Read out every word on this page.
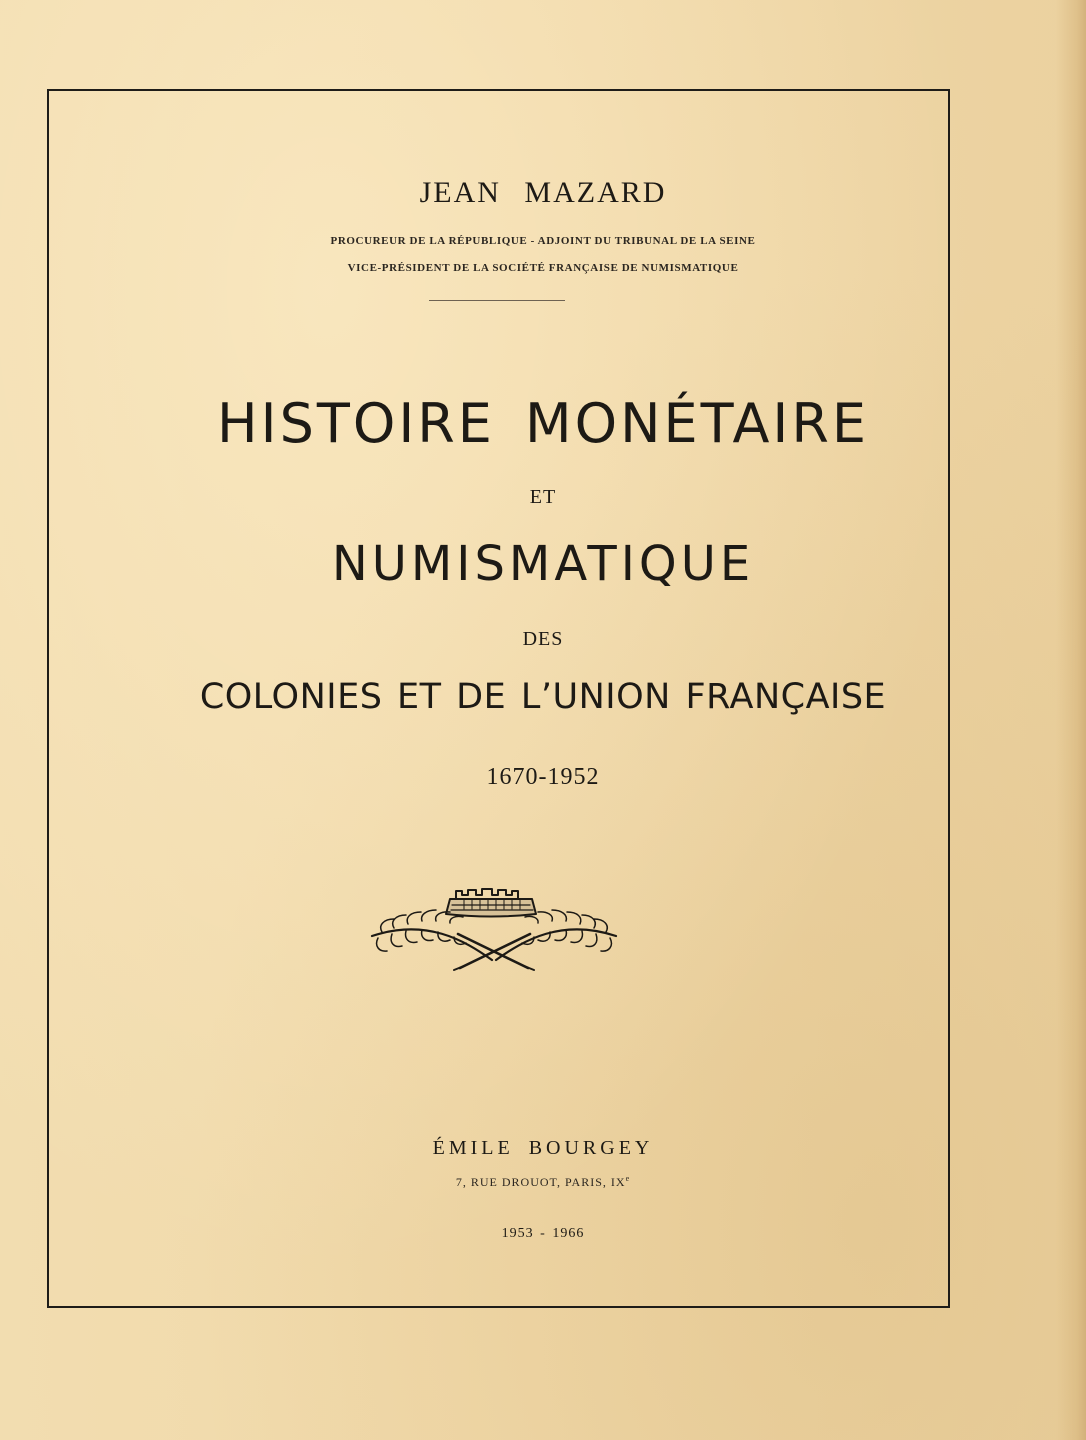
JEAN MAZARD
PROCUREUR DE LA RÉPUBLIQUE - ADJOINT DU TRIBUNAL DE LA SEINE
VICE-PRÉSIDENT DE LA SOCIÉTÉ FRANÇAISE DE NUMISMATIQUE
HISTOIRE MONÉTAIRE
ET
NUMISMATIQUE
DES
COLONIES ET DE L’UNION FRANÇAISE
1670-1952
ÉMILE BOURGEY
7, RUE DROUOT, PARIS, IXe
1953 - 1966
